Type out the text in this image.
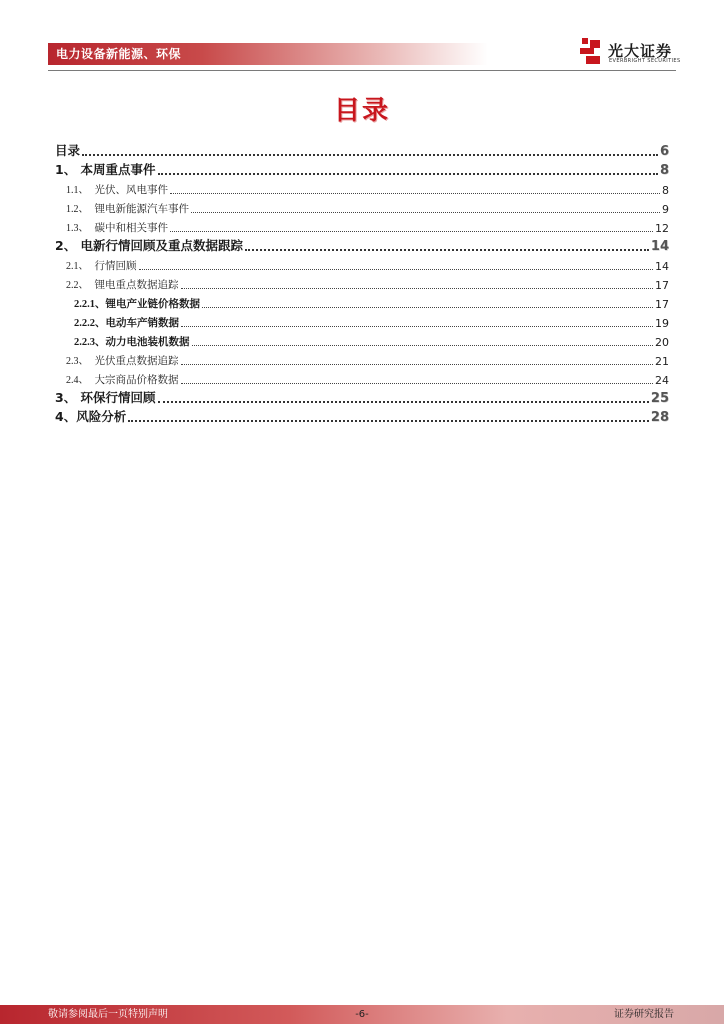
电力设备新能源、环保	光大证券
EVERBRIGHT SECURITIES
目录
目录	6
1、 本周重点事件	8
1.1、 光伏、风电事件	8
1.2、 锂电新能源汽车事件	9
1.3、 碳中和相关事件	12
2、 电新行情回顾及重点数据跟踪	14
2.1、 行情回顾	14
2.2、 锂电重点数据追踪	17
2.2.1、锂电产业链价格数据	17
2.2.2、电动车产销数据	19
2.2.3、动力电池装机数据	20
2.3、 光伏重点数据追踪	21
2.4、 大宗商品价格数据	24
3、 环保行情回顾	25
4、风险分析	28
敬请参阅最后一页特别声明	-6-	证券研究报告
